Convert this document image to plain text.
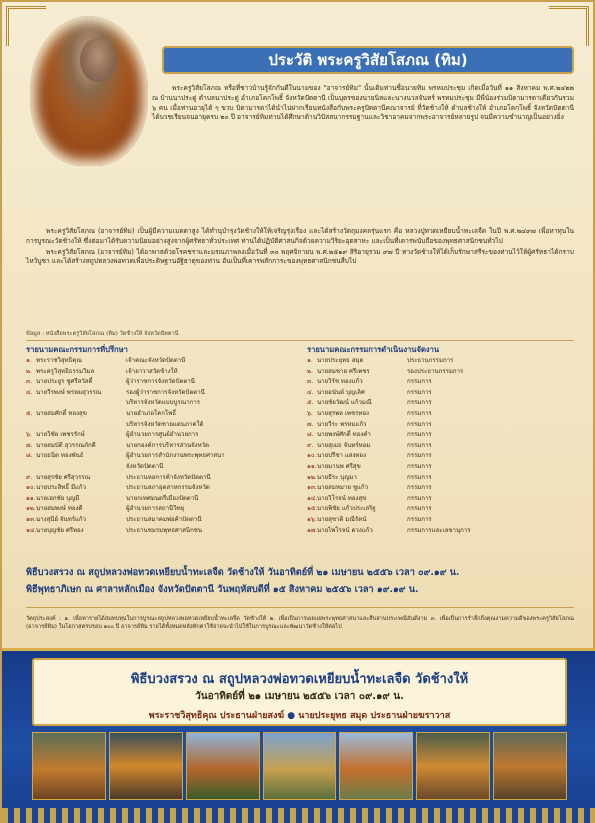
ประวัติ พระครูวิสัยโสภณ (ทิม)

พระครูวิสัยโสภณ หรือที่ชาวบ้านรู้จักกันดีในนามของ "อาจารย์ทิม" นั้นเดิมท่านชื่อนายทิม พรหมประชุม เกิดเมื่อวันที่ ๑๑ สิงหาคม พ.ศ.๒๔๒๒ ณ บ้านนาประดู่ ตำบลนาประดู่ อำเภอโคกโพธิ์ จังหวัดปัตตานี เป็นบุตรของนายนิลและนางนวลจันทร์ พรหมประชุม มีพี่น้องร่วมบิดามารดาเดียวกันรวม ๖ คน เมื่อท่านอายุได้ ๆ ขวบ บิดามารดาได้นำไปฝากเรียนหนังสือกับพระครูปัตตานีคณาจารย์ ที่วัดช้างให้ ตำบลช้างให้ อำเภอโคกโพธิ์ จังหวัดปัตตานี ได้บวชเรียนจนอายุครบ ๒๐ ปี อาจารย์ทิมท่านได้ศึกษาด้านวิปัสสนากรรมฐานและวิชาอาคมจากพระอาจารย์หลายรูป จนมีความชำนาญเป็นอย่างยิ่ง

พระครูวิสัยโสภณ (อาจารย์ทิม) เป็นผู้มีความเมตตาสูง ได้ทำนุบำรุงวัดช้างให้ให้เจริญรุ่งเรือง และได้สร้างวัตถุมงคลรุ่นแรก คือ หลวงปู่ทวดเหยียบน้ำทะเลจืด ในปี พ.ศ.๒๔๙๗ เพื่อหาทุนในการบูรณะวัดช้างให้ ซึ่งต่อมาได้รับความนิยมอย่างสูงจากผู้ศรัทธาทั่วประเทศ ท่านได้ปฏิบัติศาสนกิจด้วยความวิริยะอุตสาหะ และเป็นที่เคารพนับถือของพุทธศาสนิกชนทั่วไป

พระครูวิสัยโสภณ (อาจารย์ทิม) ได้อาพาธด้วยโรคชราและมรณภาพลงเมื่อวันที่ ๓๐ พฤศจิกายน พ.ศ.๒๕๑๙ สิริอายุรวม ๙๗ ปี ทางวัดช้างให้ได้เก็บรักษาสรีระของท่านไว้ให้ผู้ศรัทธาได้กราบไหว้บูชา และได้สร้างสถูปหลวงพ่อทวดเพื่อประดิษฐานอัฐิธาตุของท่าน อันเป็นที่เคารพสักการะของพุทธศาสนิกชนสืบไป

ข้อมูล : หนังสือพระครูวิสัยโสภณ (ทิม) วัดช้างให้ จังหวัดปัตตานี
รายนามคณะกรรมการที่ปรึกษา
๑. พระราชวิสุทธิคุณ	เจ้าคณะจังหวัดปัตตานี
๒. พระครูวิสุทธิธรรมวิมล	เจ้าอาวาสวัดช้างให้
๓. นายประยูร ชูศรีสวัสดิ์	ผู้ว่าราชการจังหวัดปัตตานี
๔. นายวีรพงษ์ พรหมสุวรรณ	รองผู้ว่าราชการจังหวัดปัตตานี
บริหารจังหวัดแบบบูรณาการ
๕. นายสมศักดิ์ ทองสุข	นายอำเภอโคกโพธิ์
บริหารจังหวัดชายแดนภาคใต้
๖. นายวิชัย เพชรรักษ์	ผู้อำนวยการศูนย์อำนวยการ
๗. นายสมบัติ สุวรรณภักดี	นายกองค์การบริหารส่วนจังหวัด
๘. นายธนิต ทองพันธ์	ผู้อำนวยการสำนักงานพระพุทธศาสนา
จังหวัดปัตตานี
๙. นายสุรชัย ศรีสุวรรณ	ประธานหอการค้าจังหวัดปัตตานี
๑๐. นายประสิทธิ์ มีแก้ว	ประธานสภาอุตสาหกรรมจังหวัด
๑๑. นายเอกชัย บุญมี	นายกเทศมนตรีเมืองปัตตานี
๑๒. นายสมพงษ์ ทองดี	ผู้อำนวยการสถานีวิทยุ
๑๓. นางสุนีย์ จันทร์แก้ว	ประธานสมาคมพ่อค้าปัตตานี
๑๔. นายบุญชัย ศรีทอง	ประธานชมรมพุทธศาสนิกชน
รายนามคณะกรรมการดำเนินงานจัดงาน
๑. นายประยุทธ สมุด	ประธานกรรมการ
๒. นายสมชาย ศรีเพชร	รองประธานกรรมการ
๓. นายวิรัช ทองแก้ว	กรรมการ
๔. นายอนันต์ บุญเลิศ	กรรมการ
๕. นายชัยวัฒน์ แก้วมณี	กรรมการ
๖. นายสุรพล เพชรทอง	กรรมการ
๗. นายวีระ พรหมแก้ว	กรรมการ
๘. นายพงษ์ศักดิ์ ทองคำ	กรรมการ
๙. นายสุเมธ จันทร์หอม	กรรมการ
๑๐. นายปรีชา แสงทอง	กรรมการ
๑๑. นายมานพ ศรีสุข	กรรมการ
๑๒. นายธีระ บุญมา	กรรมการ
๑๓. นายสมหมาย ชูแก้ว	กรรมการ
๑๔. นายวิโรจน์ ทองสุข	กรรมการ
๑๕. นายพิชัย แก้วประเสริฐ	กรรมการ
๑๖. นายสุชาติ มณีรัตน์	กรรมการ
๑๗. นายไพโรจน์ ดวงแก้ว	กรรมการและเลขานุการ
พิธีบวงสรวง ณ สถูปหลวงพ่อทวดเหยียบน้ำทะเลจืด วัดช้างให้ วันอาทิตย์ที่ ๒๑ เมษายน ๒๕๕๖ เวลา ๐๙.๑๙ น.
พิธีพุทธาภิเษก ณ ศาลาหลักเมือง จังหวัดปัตตานี วันพฤหัสบดีที่ ๑๕ สิงหาคม ๒๕๕๖ เวลา ๑๙.๑๙ น.
วัตถุประสงค์ : ๑. เพื่อหารายได้สมทบทุนในการบูรณะสถูปหลวงพ่อทวดเหยียบน้ำทะเลจืด วัดช้างให้ ๒. เพื่อเป็นการเผยแผ่พระพุทธศาสนาและสืบสานประเพณีอันดีงาม ๓. เพื่อเป็นการรำลึกถึงคุณงามความดีของพระครูวิสัยโสภณ (อาจารย์ทิม) ในโอกาสครบรอบ ๑๐๐ ปี อาจารย์ทิม รายได้ทั้งหมดหลังหักค่าใช้จ่ายจะนำไปใช้ในการบูรณะและพัฒนาวัดช้างให้ต่อไป
พิธีบวงสรวง ณ สถูปหลวงพ่อทวดเหยียบน้ำทะเลจืด วัดช้างให้
วันอาทิตย์ที่ ๒๑ เมษายน ๒๕๕๖ เวลา ๐๙.๑๙ น.
พระราชวิสุทธิคุณ ประธานฝ่ายสงฆ์ ● นายประยุทธ สมุด ประธานฝ่ายฆราวาส
